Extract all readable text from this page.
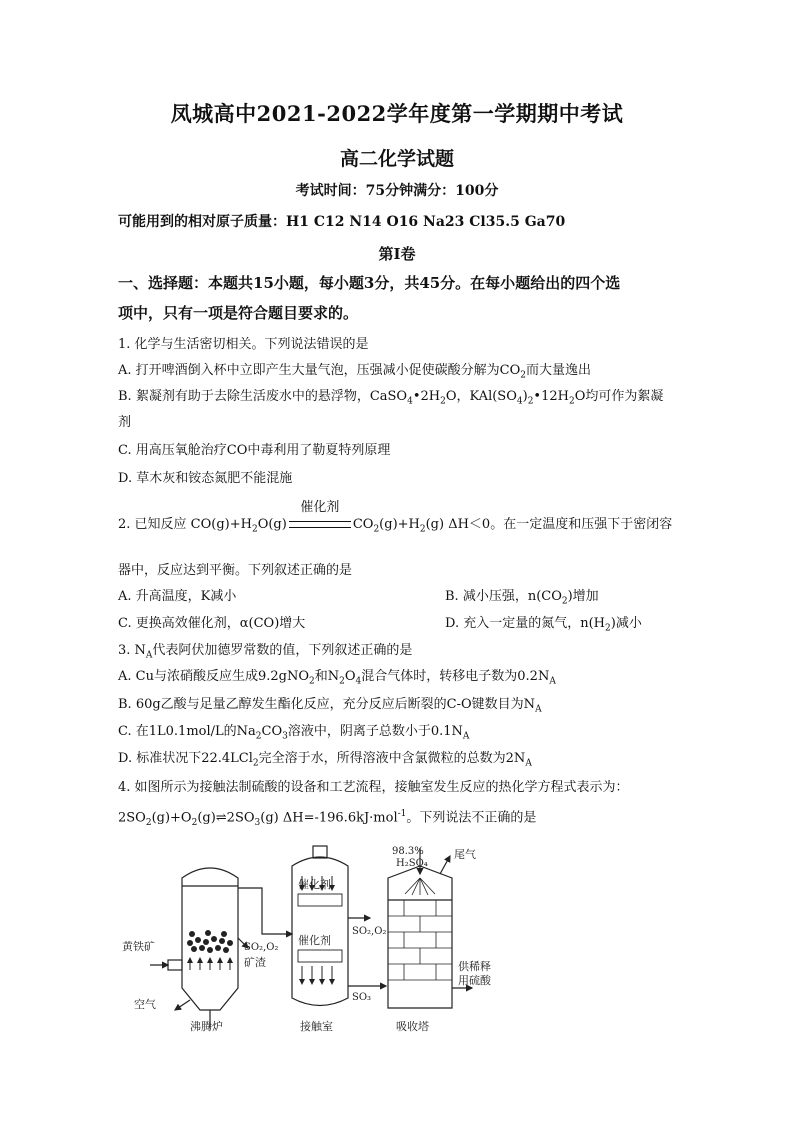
凤城高中2021-2022学年度第一学期期中考试
高二化学试题
考试时间：75分钟满分：100分
可能用到的相对原子质量：H1 C12 N14 O16 Na23 Cl35.5 Ga70
第I卷
一、选择题：本题共15小题，每小题3分，共45分。在每小题给出的四个选
项中，只有一项是符合题目要求的。
1. 化学与生活密切相关。下列说法错误的是
A. 打开啤酒倒入杯中立即产生大量气泡，压强减小促使碳酸分解为$CO_2$而大量逸出
B. 絮凝剂有助于去除生活废水中的悬浮物，$CaSO_4•2H_2O$，$KAl(SO_4)_2•12H_2O$均可作为絮凝
剂
C. 用高压氧舱治疗CO中毒利用了勒夏特列原理
D. 草木灰和铵态氮肥不能混施
2. 已知反应 $CO(g)+H_2O(g)$
催化剂
$CO_2(g)+H_2(g)$ ΔH＜0。在一定温度和压强下于密闭容
器中，反应达到平衡。下列叙述正确的是
A. 升高温度，K减小	B. 减小压强，$n(CO_2)$增加
C. 更换高效催化剂，α(CO)增大	D. 充入一定量的氮气，$n(H_2)$减小
3. $N_A$代表阿伏加德罗常数的值，下列叙述正确的是
A. Cu与浓硝酸反应生成9.2gNO$_2$和$N_2O_4$混合气体时，转移电子数为$0.2N_A$
B. 60g乙酸与足量乙醇发生酯化反应，充分反应后断裂的C-O键数目为$N_A$
C. 在1L0.1mol/L的$Na_2CO_3$溶液中，阴离子总数小于$0.1N_A$
D. 标准状况下22.4LCl$_2$完全溶于水，所得溶液中含氯微粒的总数为$2N_A$
4. 如图所示为接触法制硫酸的设备和工艺流程，接触室发生反应的热化学方程式表示为：
$2SO_2(g)+O_2(g)\rightleftharpoons 2SO_3(g)$ ΔH=-196.6kJ·mol$^{-1}$。下列说法不正确的是
黄铁矿
空气
沸腾炉
矿渣
SO₂,O₂
催化剂
催化剂
SO₂,O₂
接触室
SO₃
98.3%
H₂SO₄
尾气
供稀释
用硫酸
吸收塔
